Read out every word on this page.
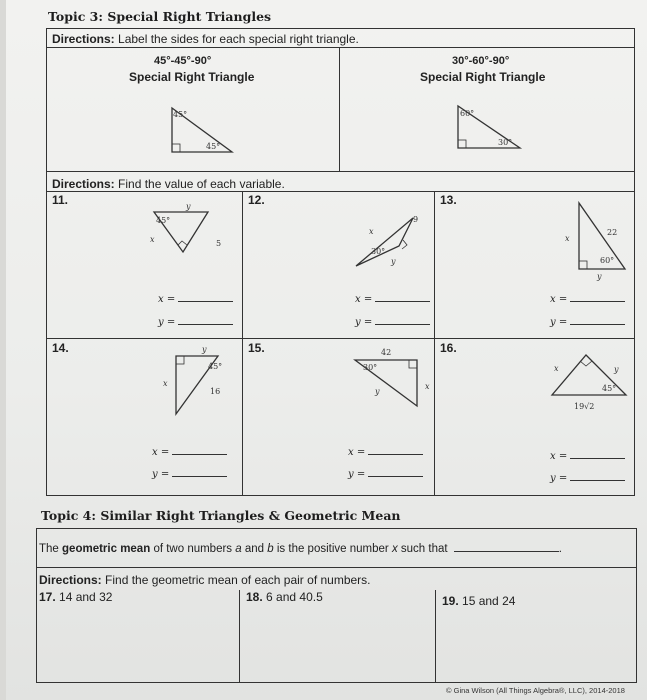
Topic 3: Special Right Triangles
Directions: Label the sides for each special right triangle.
45°-45°-90°
Special Right Triangle
30°-60°-90°
Special Right Triangle
45°
45°
60°
30°
Directions: Find the value of each variable.
11.	y
45°
x	5
x =
y =
12.
30°
x
9
y
x =
y =
13.
22
60°
x
y
x =
y =
14.	y
45°
x
16
x =
y =
15.	42
30°
y
x
x =
y =
16.
x	y
45°
19√2
x =
y =
Topic 4: Similar Right Triangles & Geometric Mean
The geometric mean of two numbers a and b is the positive number x such that	.
Directions: Find the geometric mean of each pair of numbers.
17. 14 and 32	18. 6 and 40.5	19. 15 and 24
© Gina Wilson (All Things Algebra®, LLC), 2014-2018
